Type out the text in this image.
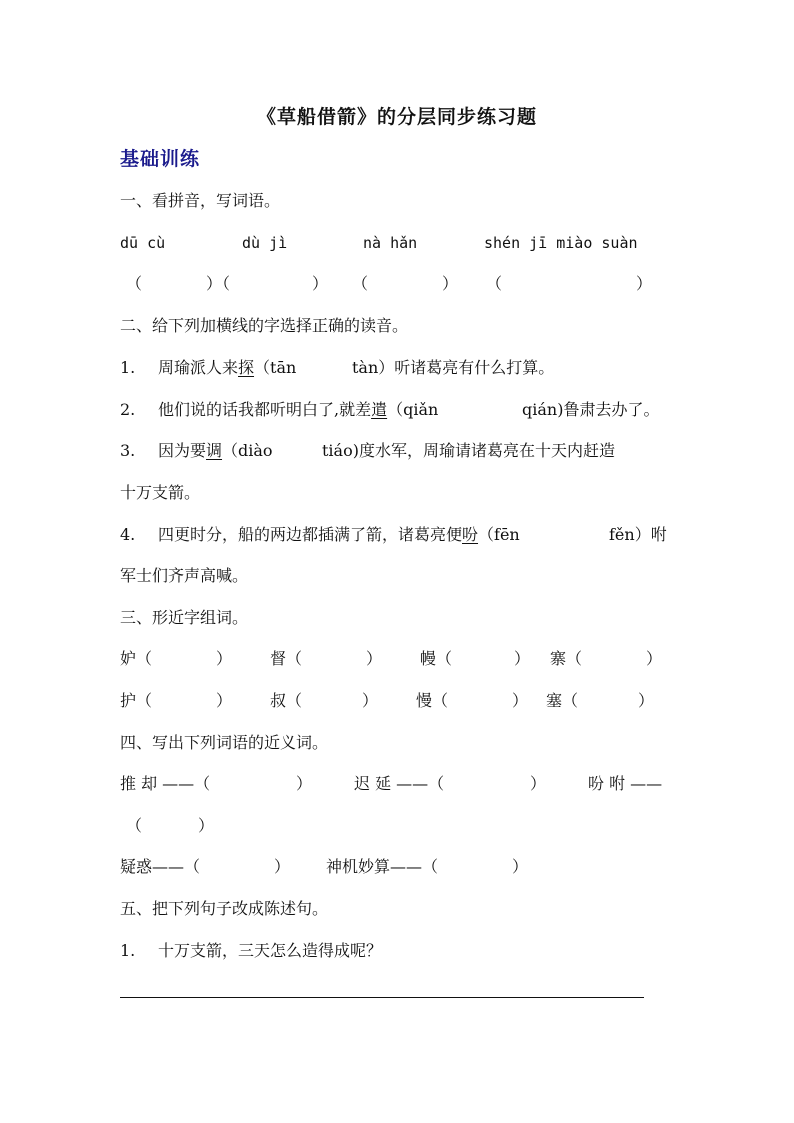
《草船借箭》的分层同步练习题
基础训练
一、看拼音，写词语。
dū cù	dù jì	nà hǎn	shén jī miào suàn
（	）（	） （	） （	）
二、给下列加横线的字选择正确的读音。
1. 周瑜派人来探（tān	tàn）听诸葛亮有什么打算。
2. 他们说的话我都听明白了,就差遣（qiǎn	qián)鲁肃去办了。
3. 因为要调（diào	tiáo)度水军，周瑜请诸葛亮在十天内赶造
十万支箭。
4. 四更时分，船的两边都插满了箭，诸葛亮便吩（fēn	fěn）咐
军士们齐声高喊。
三、形近字组词。
妒（	） 督（	） 幔（	） 寨（	）
护（	） 叔（	） 慢（	） 塞（	）
四、写出下列词语的近义词。
推 却 ——（	）	迟 延 ——（	）	吩 咐 ——
（	）
疑惑——（	） 神机妙算——（	）
五、把下列句子改成陈述句。
1. 十万支箭，三天怎么造得成呢？
